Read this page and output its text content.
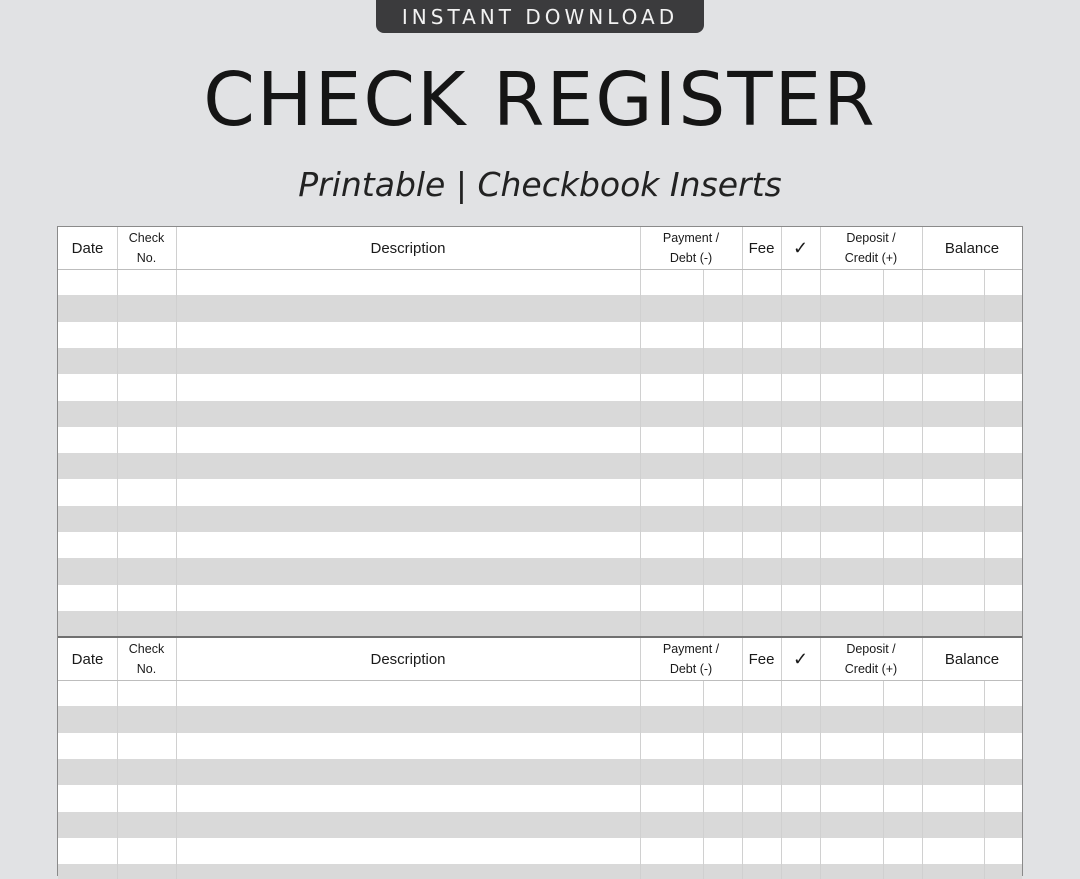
INSTANT DOWNLOAD
CHECK REGISTER
Printable | Checkbook Inserts
Date
Check
No.
Description
Payment /
Debt (-)
Fee ✓	Deposit /
Credit (+)
Balance
Date
Check
No.
Description
Payment /
Debt (-)
Fee ✓	Deposit /
Credit (+)
Balance
